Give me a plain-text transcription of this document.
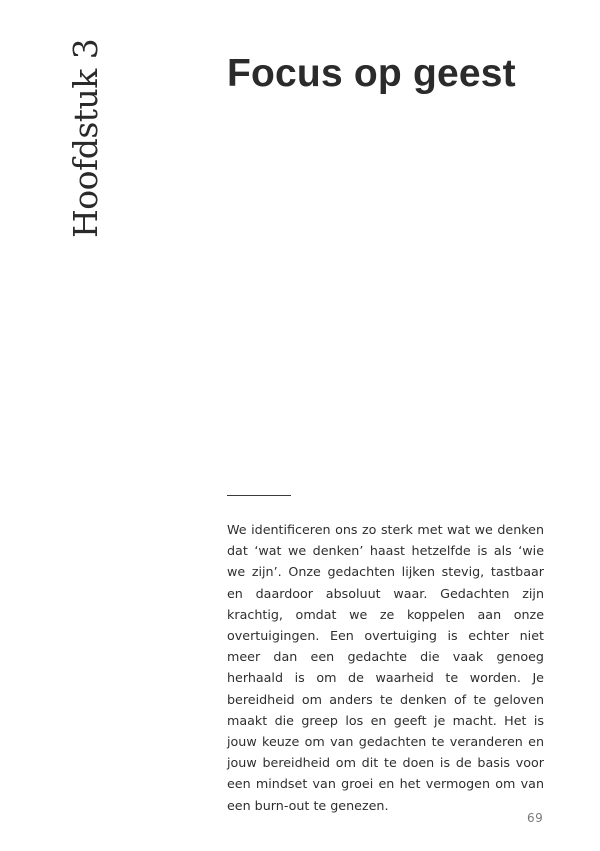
Hoofdstuk 3	Focus op geest

We identificeren ons zo sterk met wat we denken dat ‘wat we denken’ haast hetzelfde is als ‘wie we zijn’. Onze gedachten lijken stevig, tastbaar en daardoor absoluut waar. Gedachten zijn krachtig, omdat we ze koppelen aan onze overtuigingen. Een overtuiging is echter niet meer dan een gedachte die vaak genoeg herhaald is om de waarheid te worden. Je bereidheid om anders te denken of te geloven maakt die greep los en geeft je macht. Het is jouw keuze om van gedachten te veranderen en jouw bereidheid om dit te doen is de basis voor een mindset van groei en het vermogen om van een burn-out te genezen.

69
